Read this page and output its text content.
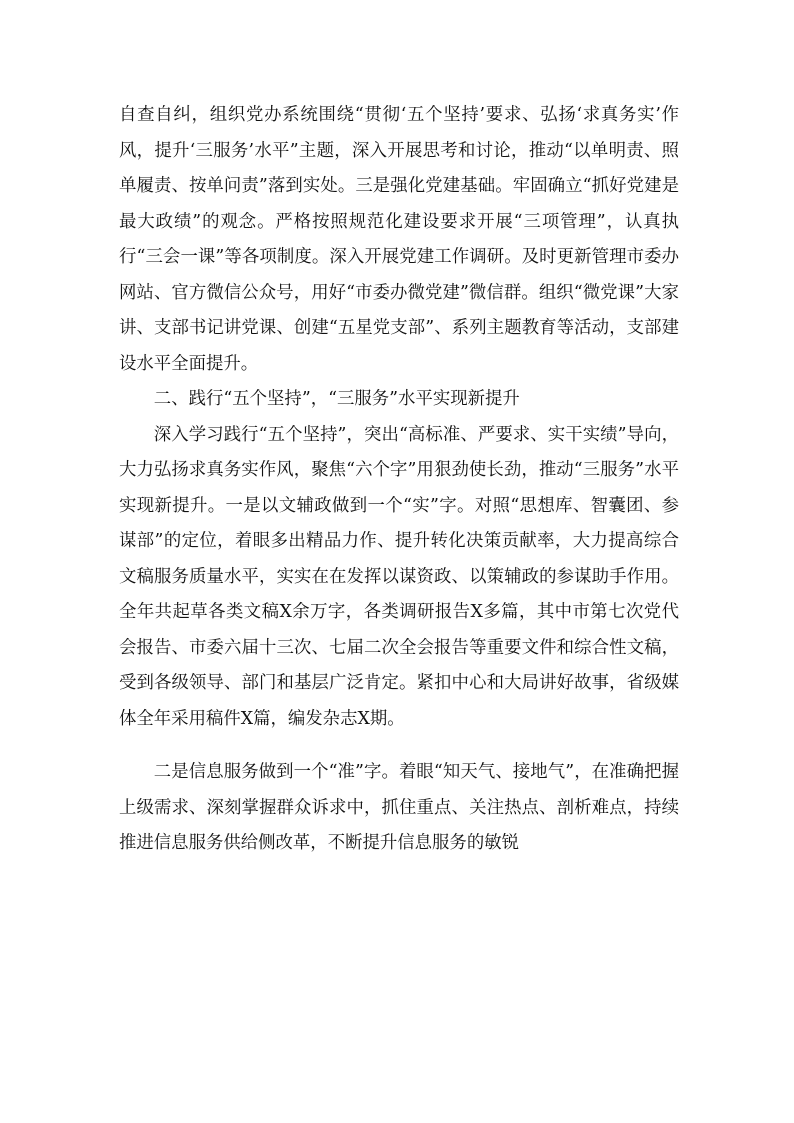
自查自纠，组织党办系统围绕“贯彻‘五个坚持’要求、弘扬‘求真务实’作风，提升‘三服务’水平”主题，深入开展思考和讨论，推动“以单明责、照单履责、按单问责”落到实处。三是强化党建基础。牢固确立“抓好党建是最大政绩”的观念。严格按照规范化建设要求开展“三项管理”，认真执行“三会一课”等各项制度。深入开展党建工作调研。及时更新管理市委办网站、官方微信公众号，用好“市委办微党建”微信群。组织“微党课”大家讲、支部书记讲党课、创建“五星党支部”、系列主题教育等活动，支部建设水平全面提升。

二、践行“五个坚持”，“三服务”水平实现新提升

深入学习践行“五个坚持”，突出“高标准、严要求、实干实绩”导向，大力弘扬求真务实作风，聚焦“六个字”用狠劲使长劲，推动“三服务”水平实现新提升。一是以文辅政做到一个“实”字。对照“思想库、智囊团、参谋部”的定位，着眼多出精品力作、提升转化决策贡献率，大力提高综合文稿服务质量水平，实实在在发挥以谋资政、以策辅政的参谋助手作用。全年共起草各类文稿X余万字，各类调研报告X多篇，其中市第七次党代会报告、市委六届十三次、七届二次全会报告等重要文件和综合性文稿，受到各级领导、部门和基层广泛肯定。紧扣中心和大局讲好故事，省级媒体全年采用稿件X篇，编发杂志X期。

二是信息服务做到一个“准”字。着眼“知天气、接地气”，在准确把握上级需求、深刻掌握群众诉求中，抓住重点、关注热点、剖析难点，持续推进信息服务供给侧改革，不断提升信息服务的敏锐
